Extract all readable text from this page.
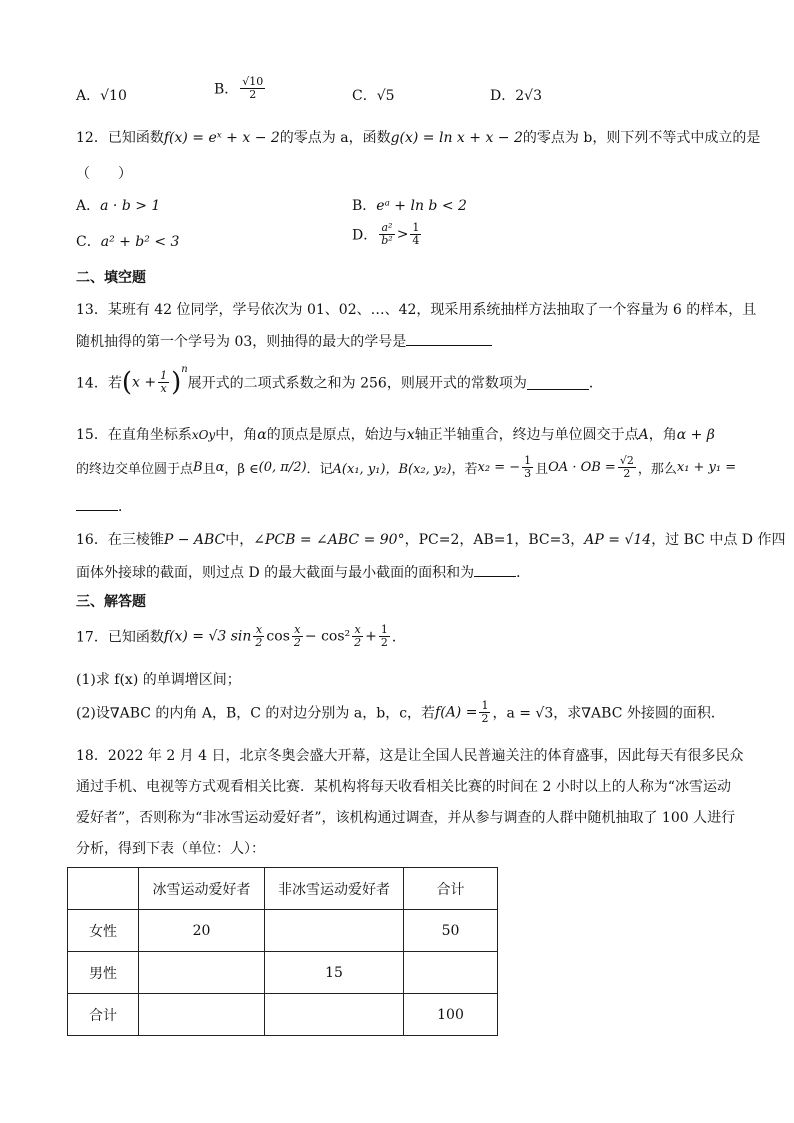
A．√10	B． $\frac{√10}{2}$	C．√5	D．2√3
12．已知函数f(x) = eˣ + x − 2的零点为 a，函数g(x) = ln x + x − 2的零点为 b，则下列不等式中成立的是
（　　）
A．a · b > 1	B．eᵃ + ln b < 2
C．a² + b² < 3	D． $\frac{\text{a²}}{\text{b²}} > \frac{1}{4}$
二、填空题
13．某班有 42 位同学，学号依次为 01、02、…、42，现采用系统抽样方法抽取了一个容量为 6 的样本，且
随机抽得的第一个学号为 03，则抽得的最大的学号是
14．若$(x + \frac{1}{x} )^n$展开式的二项式系数之和为 256，则展开式的常数项为	．
15．在直角坐标系xOy中，角α的顶点是原点，始边与x轴正半轴重合，终边与单位圆交于点A，角α + β
的终边交单位圆于点B且α，β ∈(0, π/2)．记A(x₁, y₁)，B(x₂, y₂)，若x₂ = − $\frac{1}{3}$ 且OA · OB = $\frac{√2}{2}$ ，那么x₁ + y₁ =
．
16．在三棱锥P − ABC中，∠PCB = ∠ABC = 90°，PC=2，AB=1，BC=3，AP = √14，过 BC 中点 D 作四
面体外接球的截面，则过点 D 的最大截面与最小截面的面积和为	．
三、解答题
17．已知函数f(x) = √3 $\sin \frac{x}{2}$ $\cos \frac{x}{2} - \cos^2 \frac{x}{2} + \frac{1}{2}$ ．
(1)求 f(x) 的单调增区间；
(2)设∇ABC 的内角 A，B，C 的对边分别为 a，b，c，若$f(A) = \frac{1}{2}$ ，a = √3，求∇ABC 外接圆的面积．
18．2022 年 2 月 4 日，北京冬奥会盛大开幕，这是让全国人民普遍关注的体育盛事，因此每天有很多民众
通过手机、电视等方式观看相关比赛．某机构将每天收看相关比赛的时间在 2 小时以上的人称为“冰雪运动
爱好者”，否则称为“非冰雪运动爱好者”，该机构通过调查，并从参与调查的人群中随机抽取了 100 人进行
分析，得到下表（单位：人）：
	冰雪运动爱好者	非冰雪运动爱好者	合计
女性	20		50
男性		15	
合计			100
